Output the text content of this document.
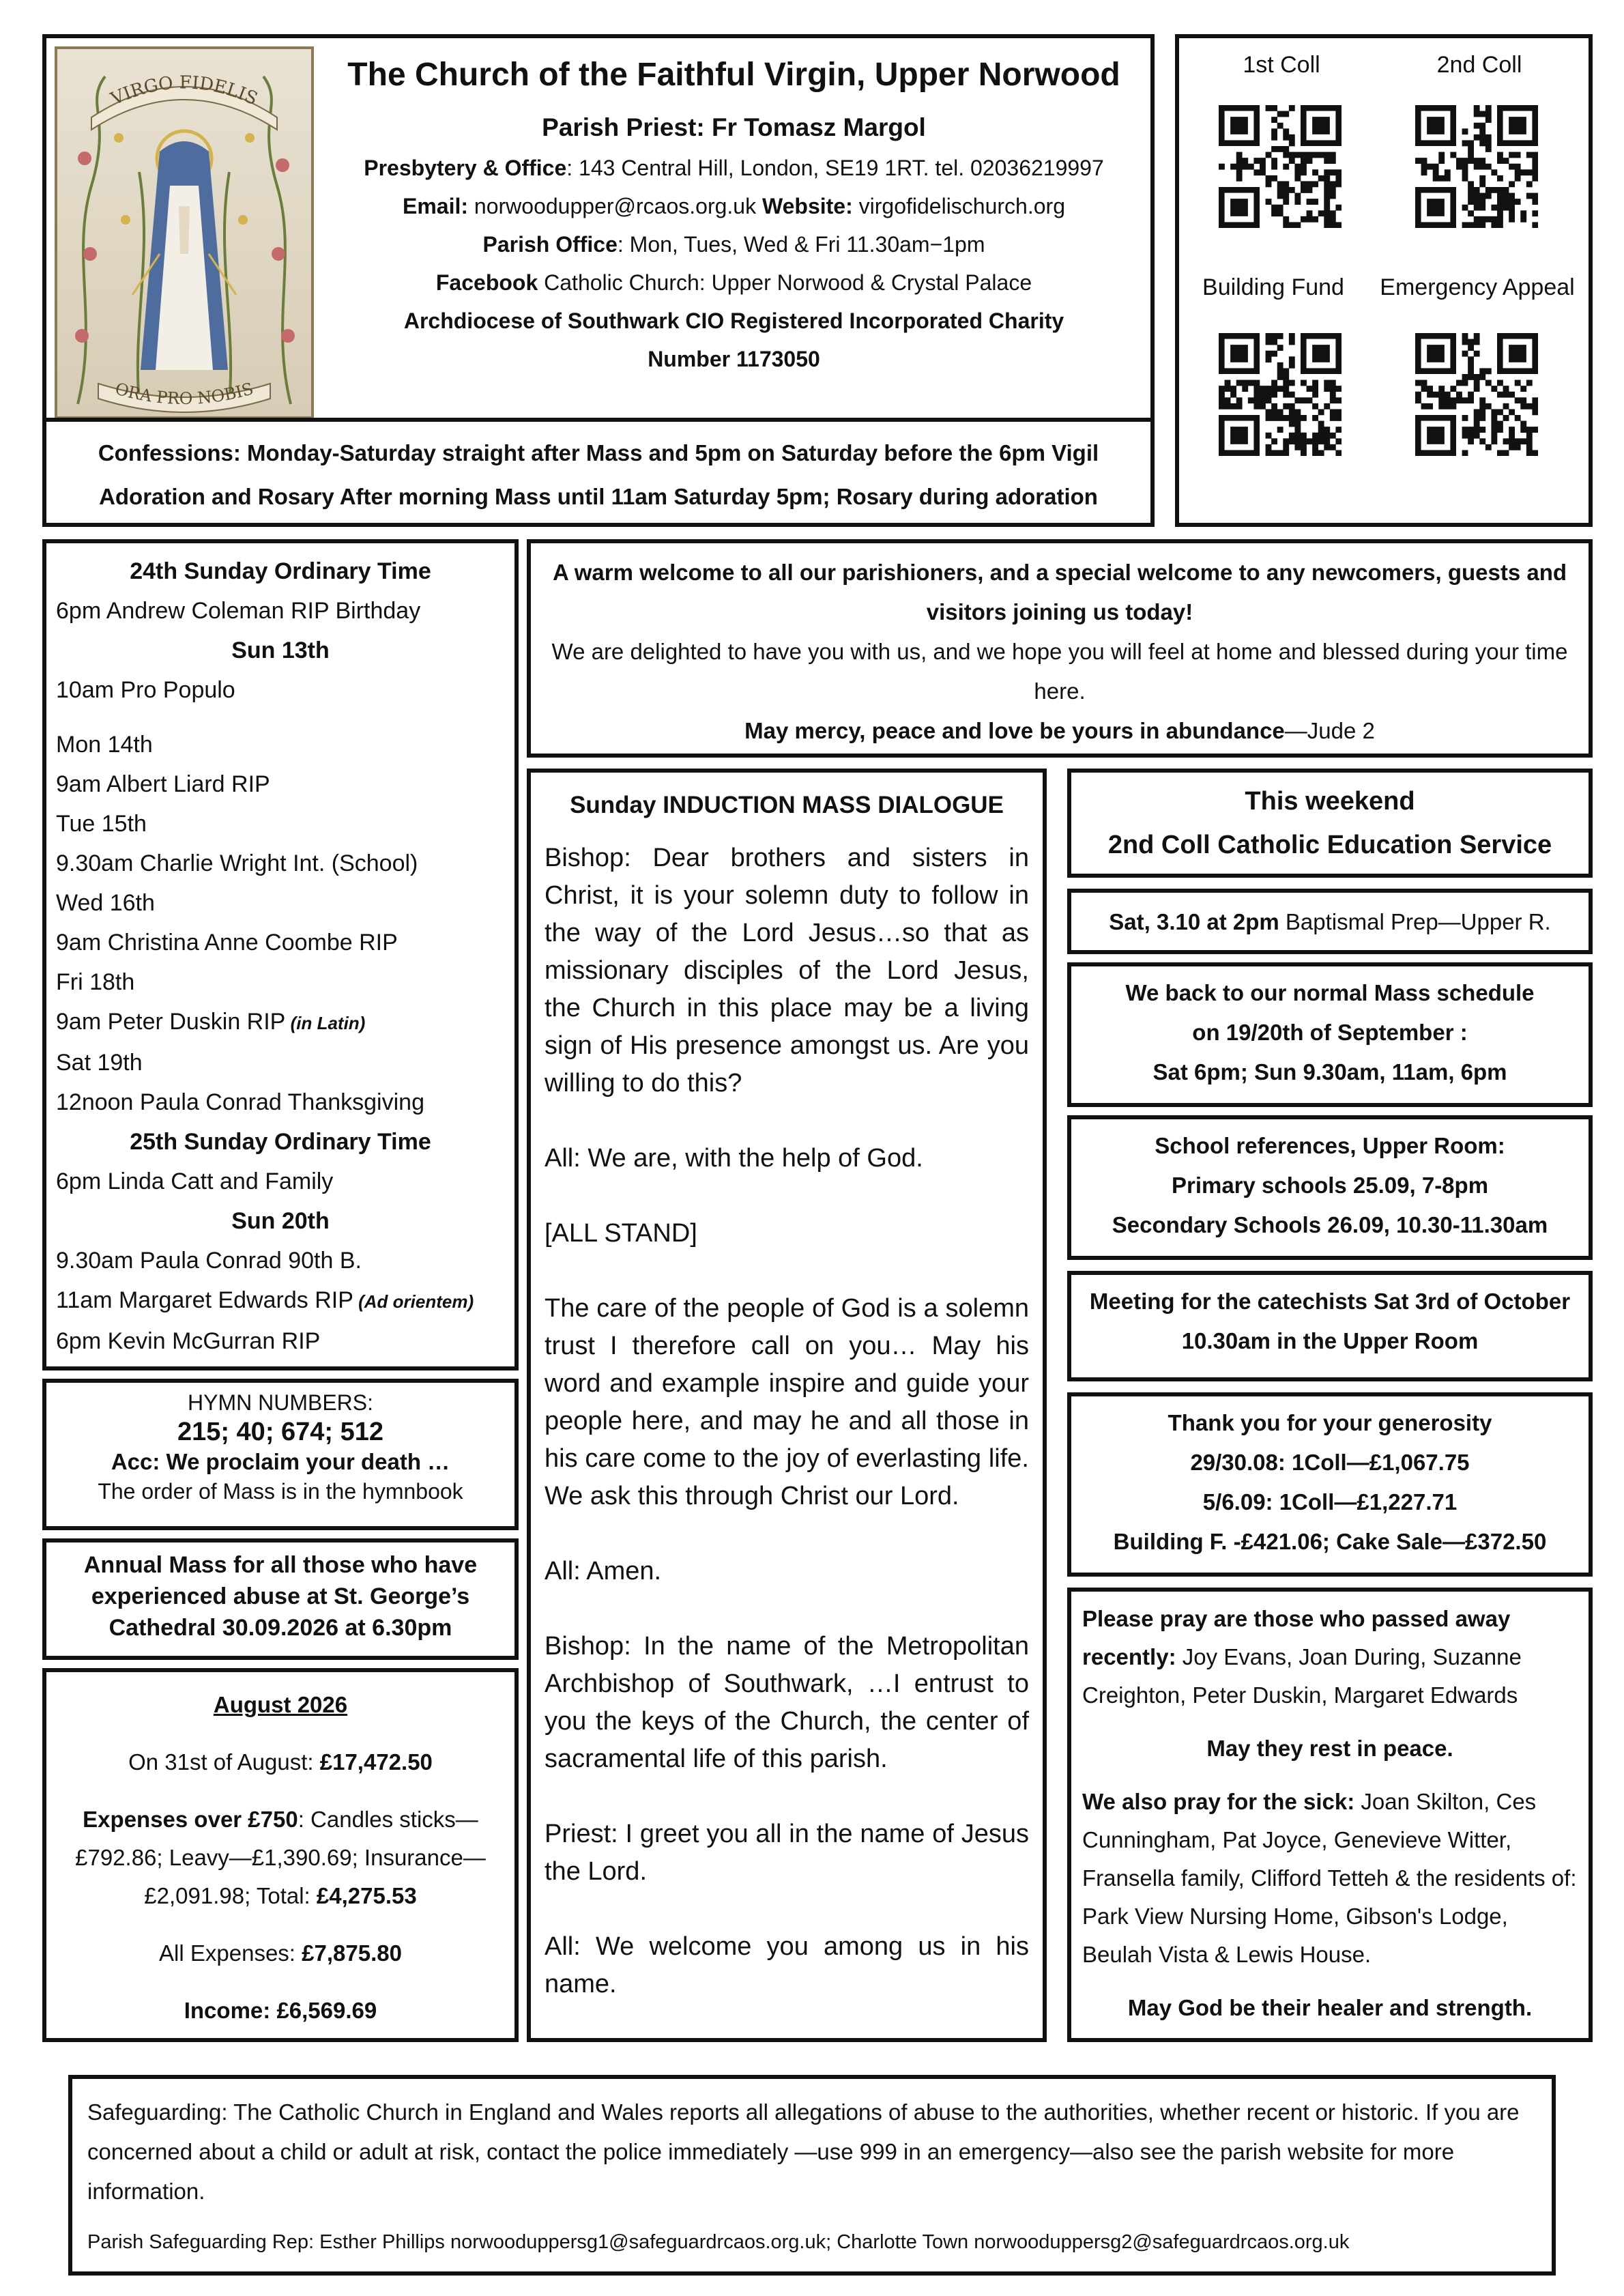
VIRGO FIDELIS
ORA PRO NOBIS
The Church of the Faithful Virgin, Upper Norwood
Parish Priest: Fr Tomasz Margol
Presbytery & Office: 143 Central Hill, London, SE19 1RT. tel. 02036219997
Email: norwoodupper@rcaos.org.uk Website: virgofidelischurch.org
Parish Office: Mon, Tues, Wed & Fri 11.30am−1pm
Facebook Catholic Church: Upper Norwood & Crystal Palace
Archdiocese of Southwark CIO Registered Incorporated Charity
Number 1173050

Confessions: Monday-Saturday straight after Mass and 5pm on Saturday before the 6pm Vigil

Adoration and Rosary After morning Mass until 11am Saturday 5pm; Rosary during adoration

1st Coll	2nd Coll
Building Fund	Emergency Appeal
24th Sunday Ordinary Time
6pm Andrew Coleman RIP Birthday
Sun 13th
10am Pro Populo
Mon 14th
9am Albert Liard RIP
Tue 15th
9.30am Charlie Wright Int. (School)
Wed 16th
9am Christina Anne Coombe RIP
Fri 18th
9am Peter Duskin RIP (in Latin)
Sat 19th
12noon Paula Conrad Thanksgiving
25th Sunday Ordinary Time
6pm Linda Catt and Family
Sun 20th
9.30am Paula Conrad 90th B.
11am Margaret Edwards RIP (Ad orientem)
6pm Kevin McGurran RIP
HYMN NUMBERS:
215; 40; 674; 512
Acc: We proclaim your death …
The order of Mass is in the hymnbook

Annual Mass for all those who have experienced abuse at St. George’s Cathedral 30.09.2026 at 6.30pm

August 2026

On 31st of August: £17,472.50

Expenses over £750: Candles sticks—£792.86; Leavy—£1,390.69; Insurance—£2,091.98; Total: £4,275.53

All Expenses: £7,875.80

Income: £6,569.69

A warm welcome to all our parishioners, and a special welcome to any newcomers, guests and visitors joining us today!

We are delighted to have you with us, and we hope you will feel at home and blessed during your time here.

May mercy, peace and love be yours in abundance—Jude 2

Sunday INDUCTION MASS DIALOGUE

Bishop: Dear brothers and sisters in Christ, it is your solemn duty to follow in the way of the Lord Jesus…so that as missionary disciples of the Lord Jesus, the Church in this place may be a living sign of His presence amongst us. Are you willing to do this?

All: We are, with the help of God.

[ALL STAND]

The care of the people of God is a solemn trust I therefore call on you… May his word and example inspire and guide your people here, and may he and all those in his care come to the joy of everlasting life. We ask this through Christ our Lord.

All: Amen.

Bishop: In the name of the Metropolitan Archbishop of Southwark, …I entrust to you the keys of the Church, the center of sacramental life of this parish.

Priest: I greet you all in the name of Jesus the Lord.

All: We welcome you among us in his name.

This weekend

2nd Coll Catholic Education Service

Sat, 3.10 at 2pm Baptismal Prep—Upper R.

We back to our normal Mass schedule

on 19/20th of September :

Sat 6pm; Sun 9.30am, 11am, 6pm

School references, Upper Room:

Primary schools 25.09, 7-8pm

Secondary Schools 26.09, 10.30-11.30am

Meeting for the catechists Sat 3rd of October 10.30am in the Upper Room

Thank you for your generosity

29/30.08: 1Coll—£1,067.75

5/6.09: 1Coll—£1,227.71

Building F. -£421.06; Cake Sale—£372.50

Please pray are those who passed away recently: Joy Evans, Joan During, Suzanne Creighton, Peter Duskin, Margaret Edwards

May they rest in peace.

We also pray for the sick: Joan Skilton, Ces Cunningham, Pat Joyce, Genevieve Witter, Fransella family, Clifford Tetteh & the residents of: Park View Nursing Home, Gibson's Lodge, Beulah Vista & Lewis House.

May God be their healer and strength.

Safeguarding: The Catholic Church in England and Wales reports all allegations of abuse to the authorities, whether recent or historic. If you are concerned about a child or adult at risk, contact the police immediately —use 999 in an emergency—also see the parish website for more information.

Parish Safeguarding Rep: Esther Phillips norwooduppersg1@safeguardrcaos.org.uk; Charlotte Town norwooduppersg2@safeguardrcaos.org.uk
